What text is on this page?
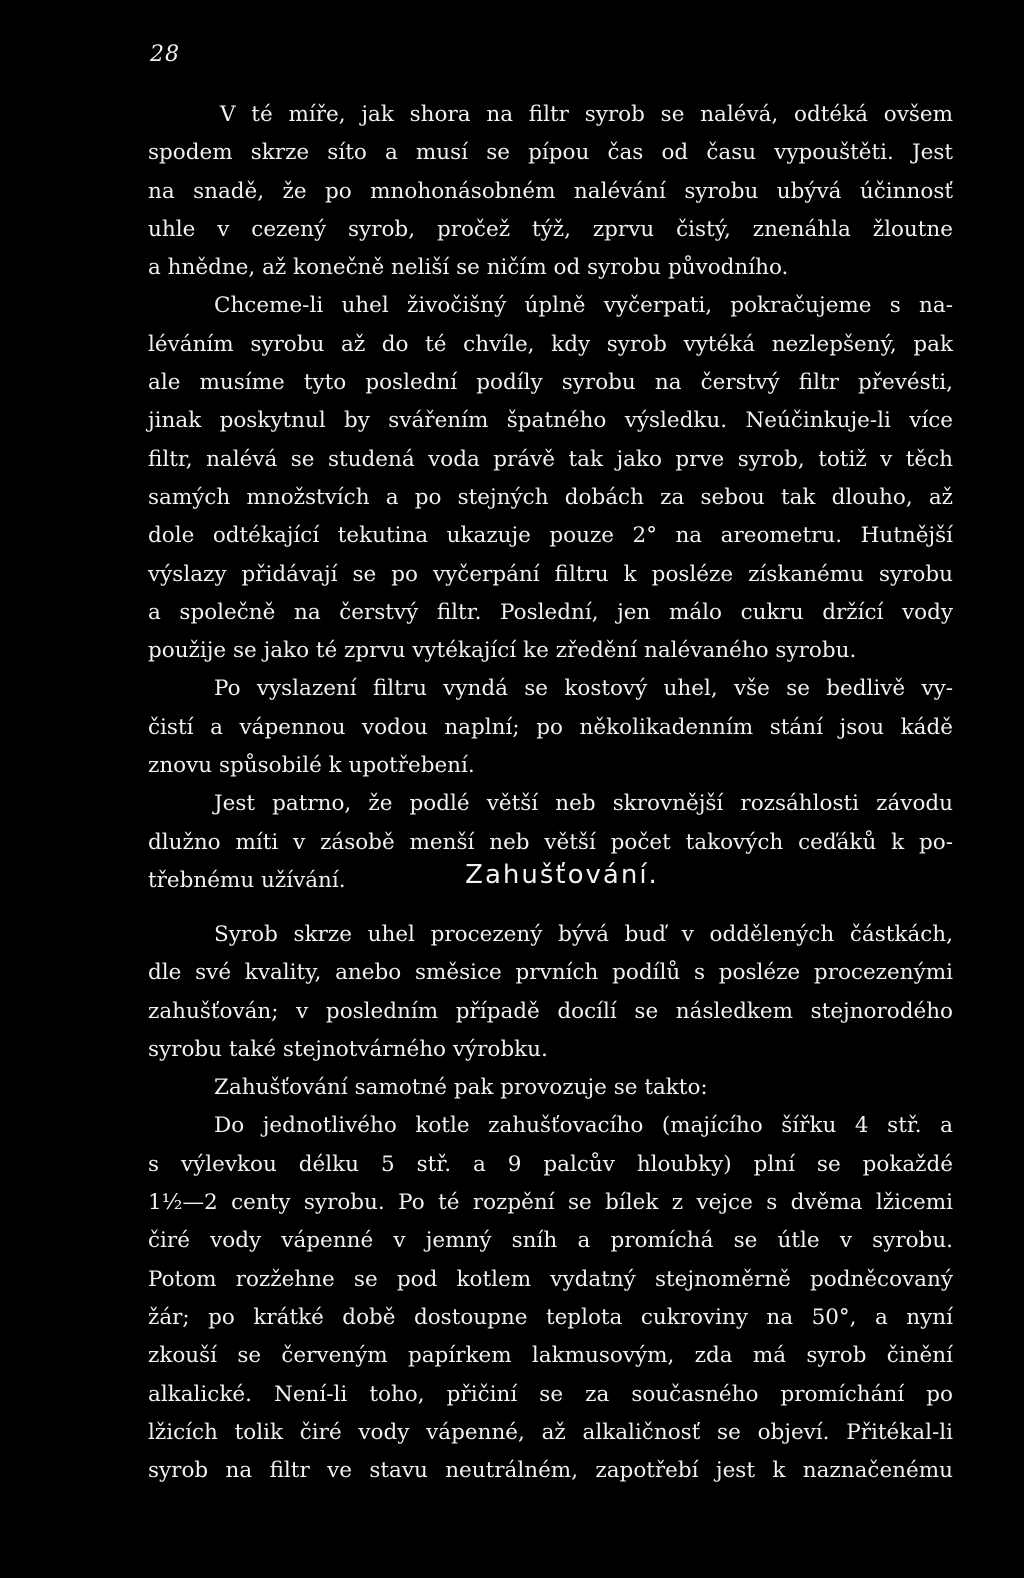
28
V té míře, jak shora na filtr syrob se nalévá, odtéká ovšem
spodem skrze síto a musí se pípou čas od času vypouštěti. Jest
na snadě, že po mnohonásobném nalévání syrobu ubývá účinnosť
uhle v cezený syrob, pročež týž, zprvu čistý, znenáhla žloutne
a hnědne, až konečně neliší se ničím od syrobu původního.
Chceme-li uhel živočišný úplně vyčerpati, pokračujeme s na-
léváním syrobu až do té chvíle, kdy syrob vytéká nezlepšený, pak
ale musíme tyto poslední podíly syrobu na čerstvý filtr převésti,
jinak poskytnul by svářením špatného výsledku. Neúčinkuje-li více
filtr, nalévá se studená voda právě tak jako prve syrob, totiž v těch
samých množstvích a po stejných dobách za sebou tak dlouho, až
dole odtékající tekutina ukazuje pouze 2° na areometru. Hutnější
výslazy přidávají se po vyčerpání filtru k posléze získanému syrobu
a společně na čerstvý filtr. Poslední, jen málo cukru držící vody
použije se jako té zprvu vytékající ke zředění nalévaného syrobu.
Po vyslazení filtru vyndá se kostový uhel, vše se bedlivě vy-
čistí a vápennou vodou naplní; po několikadenním stání jsou kádě
znovu spůsobilé k upotřebení.
Jest patrno, že podlé větší neb skrovnější rozsáhlosti závodu
dlužno míti v zásobě menší neb větší počet takových ceďáků k po-
třebnému užívání.	Zahušťování.
Syrob skrze uhel procezený bývá buď v oddělených částkách,
dle své kvality, anebo směsice prvních podílů s posléze procezenými
zahušťován; v posledním případě docílí se následkem stejnorodého
syrobu také stejnotvárného výrobku.
Zahušťování samotné pak provozuje se takto:
Do jednotlivého kotle zahušťovacího (majícího šířku 4 stř. a
s výlevkou délku 5 stř. a 9 palcův hloubky) plní se pokaždé
1½—2 centy syrobu. Po té rozpění se bílek z vejce s dvěma lžicemi
čiré vody vápenné v jemný sníh a promíchá se útle v syrobu.
Potom rozžehne se pod kotlem vydatný stejnoměrně podněcovaný
žár; po krátké době dostoupne teplota cukroviny na 50°, a nyní
zkouší se červeným papírkem lakmusovým, zda má syrob činění
alkalické. Není-li toho, přičiní se za současného promíchání po
lžicích tolik čiré vody vápenné, až alkaličnosť se objeví. Přitékal-li
syrob na filtr ve stavu neutrálném, zapotřebí jest k naznačenému
